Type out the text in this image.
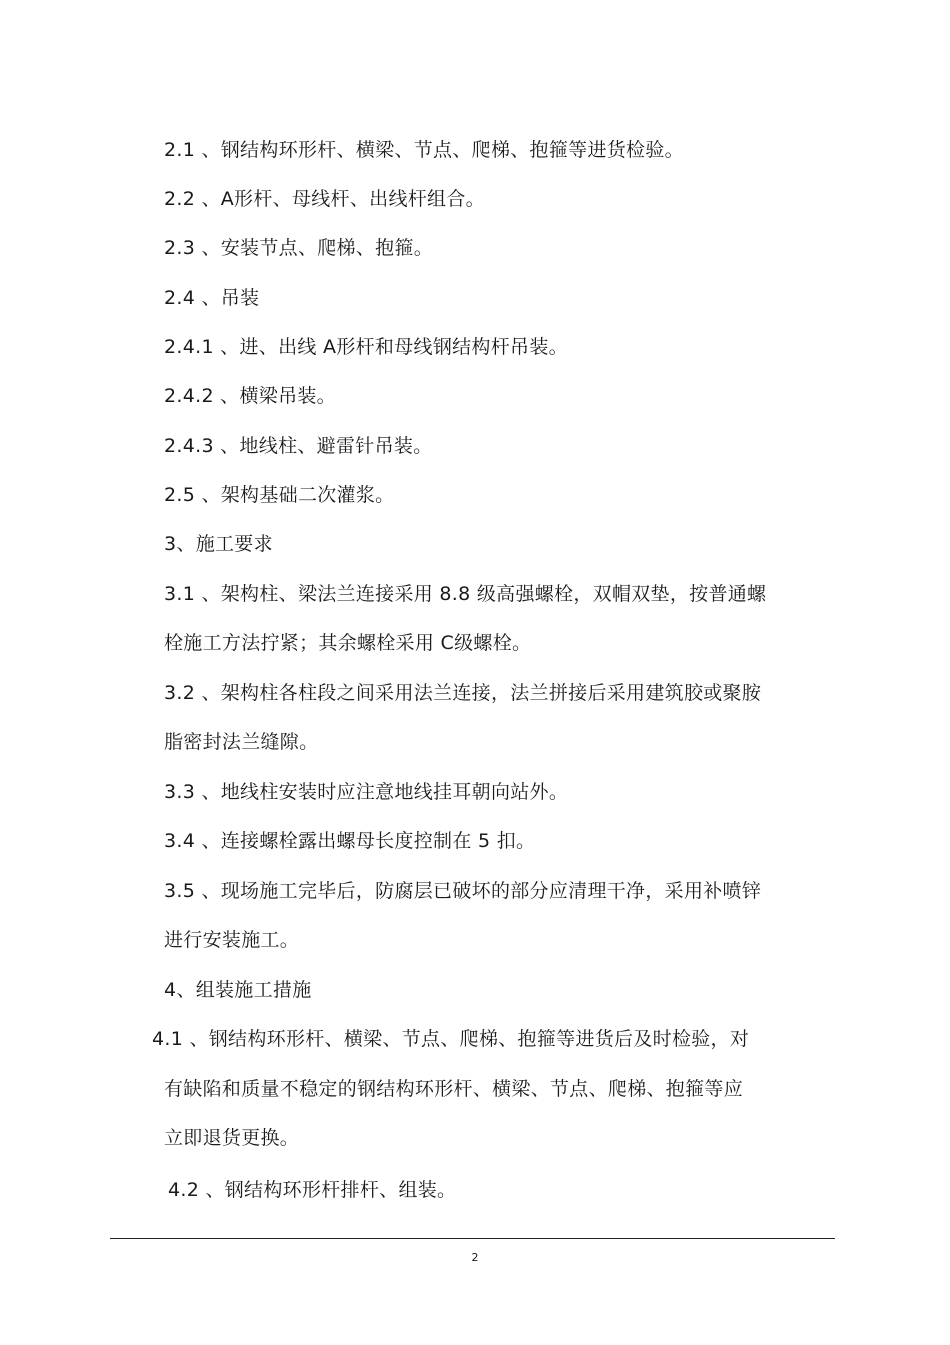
2.1 、钢结构环形杆、横梁、节点、爬梯、抱箍等进货检验。
2.2 、A形杆、母线杆、出线杆组合。
2.3 、安装节点、爬梯、抱箍。
2.4 、吊装
2.4.1 、进、出线 A形杆和母线钢结构杆吊装。
2.4.2 、横梁吊装。
2.4.3 、地线柱、避雷针吊装。
2.5 、架构基础二次灌浆。
3、施工要求
3.1 、架构柱、梁法兰连接采用 8.8 级高强螺栓，双帽双垫，按普通螺
栓施工方法拧紧；其余螺栓采用 C级螺栓。
3.2 、架构柱各柱段之间采用法兰连接，法兰拼接后采用建筑胶或聚胺
脂密封法兰缝隙。
3.3 、地线柱安装时应注意地线挂耳朝向站外。
3.4 、连接螺栓露出螺母长度控制在 5 扣。
3.5 、现场施工完毕后，防腐层已破坏的部分应清理干净，采用补喷锌
进行安装施工。
4、组装施工措施
4.1 、钢结构环形杆、横梁、节点、爬梯、抱箍等进货后及时检验，对
有缺陷和质量不稳定的钢结构环形杆、横梁、节点、爬梯、抱箍等应
立即退货更换。
4.2 、钢结构环形杆排杆、组装。
2
